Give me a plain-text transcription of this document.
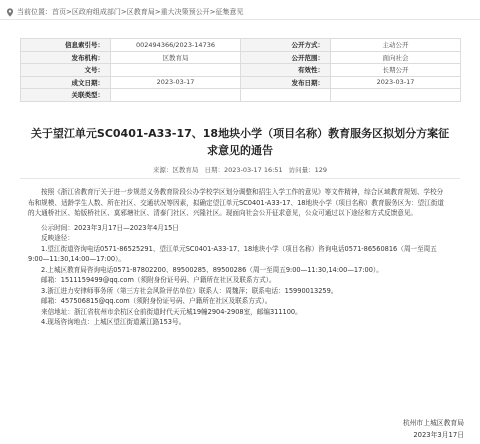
当前位置： 首页 > 区政府组成部门 > 区教育局 > 重大决策预公开 > 征集意见
信息索引号：	002494366/2023-14736	公开方式：	主动公开
发布机构：	区教育局	公开范围：	面向社会
文号：		有效性：	长期公开
成文日期：	2023-03-17	发布日期：	2023-03-17
关联类型：			
关于望江单元SC0401-A33-17、18地块小学（项目名称）教育服务区拟划分方案征求意见的通告
来源：区教育局 日期：2023-03-17 16:51 访问量：129

按照《浙江省教育厅关于进一步规范义务教育阶段公办学校学区划分调整和招生入学工作的意见》等文件精神，综合区域教育规划、学校分布和规模、适龄学生人数、所在社区、交通状况等因素，拟确定望江单元SC0401-A33-17、18地块小学（项目名称）教育服务区为：望江街道的大通桥社区、始版桥社区、莫邪塘社区、清泰门社区、兴隆社区。现面向社会公开征求意见，公众可通过以下途径和方式反馈意见。

公示时间：2023年3月17日—2023年4月15日

反映途径：

1.望江街道咨询电话0571-86525291、望江单元SC0401-A33-17、18地块小学（项目名称）咨询电话0571-86560816（周一至周五9:00—11:30,14:00—17:00）。

2.上城区教育局咨询电话0571-87802200、89500285、89500286（周一至周五9:00—11:30,14:00—17:00）。

邮箱：1511159499@qq.com（须附身份证号码、户籍所在社区及联系方式）。

3.浙江进力安律师事务所（第三方社会风险评估单位）联系人：周魏萍；联系电话：15990013259。

邮箱：457506815@qq.com（须附身份证号码、户籍所在社区及联系方式）。

来信地址：浙江省杭州市余杭区仓前街道时代天元城19幢2904-2908室，邮编311100。

4.现场咨询地点：上城区望江街道薰江路153号。

杭州市上城区教育局
2023年3月17日
